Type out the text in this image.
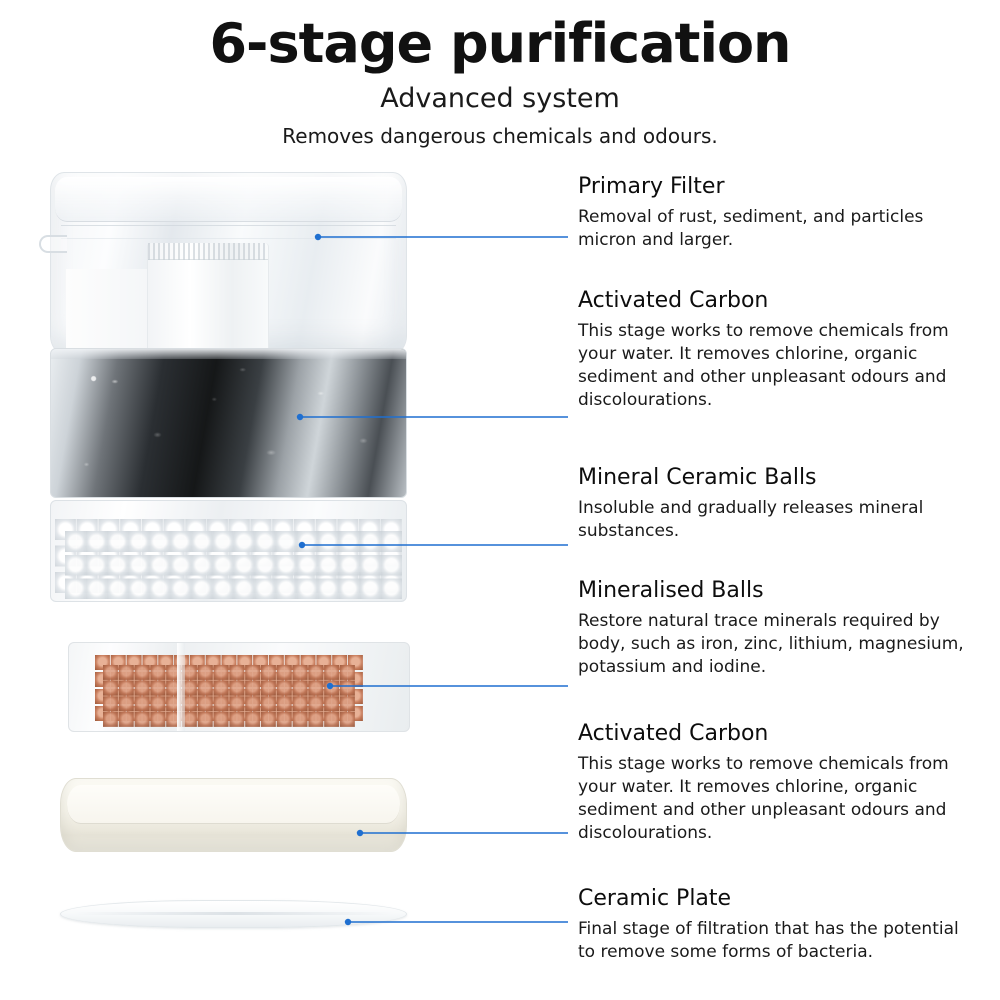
6-stage purification
Advanced system
Removes dangerous chemicals and odours.
Primary Filter

Removal of rust, sediment, and particles micron and larger.

Activated Carbon

This stage works to remove chemicals from your water. It removes chlorine, organic sediment and other unpleasant odours and discolourations.

Mineral Ceramic Balls

Insoluble and gradually releases mineral substances.

Mineralised Balls

Restore natural trace minerals required by body, such as iron, zinc, lithium, magnesium, potassium and iodine.

Activated Carbon

This stage works to remove chemicals from your water. It removes chlorine, organic sediment and other unpleasant odours and discolourations.

Ceramic Plate

Final stage of filtration that has the potential to remove some forms of bacteria.
